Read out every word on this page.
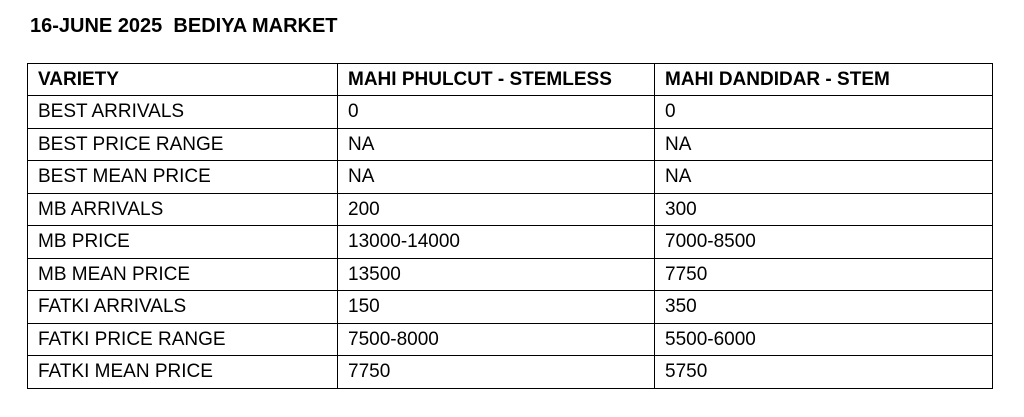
16-JUNE 2025  BEDIYA MARKET
VARIETY	MAHI PHULCUT - STEMLESS	MAHI DANDIDAR - STEM
BEST ARRIVALS	0	0
BEST PRICE RANGE	NA	NA
BEST MEAN PRICE	NA	NA
MB ARRIVALS	200	300
MB PRICE	13000-14000	7000-8500
MB MEAN PRICE	13500	7750
FATKI ARRIVALS	150	350
FATKI PRICE RANGE	7500-8000	5500-6000
FATKI MEAN PRICE	7750	5750
